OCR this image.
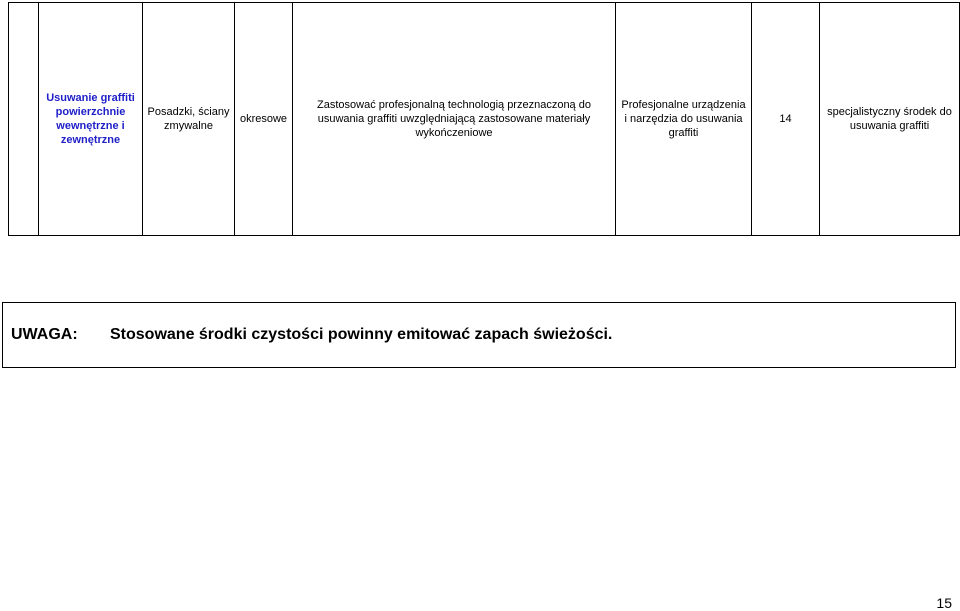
	Usuwanie graffiti powierzchnie wewnętrzne i zewnętrzne	Posadzki, ściany zmywalne	okresowe	Zastosować profesjonalną technologią przeznaczoną do usuwania graffiti uwzględniającą zastosowane materiały wykończeniowe	Profesjonalne urządzenia i narzędzia do usuwania graffiti	14	specjalistyczny środek do usuwania graffiti
UWAGA: Stosowane środki czystości powinny emitować zapach świeżości.
15
